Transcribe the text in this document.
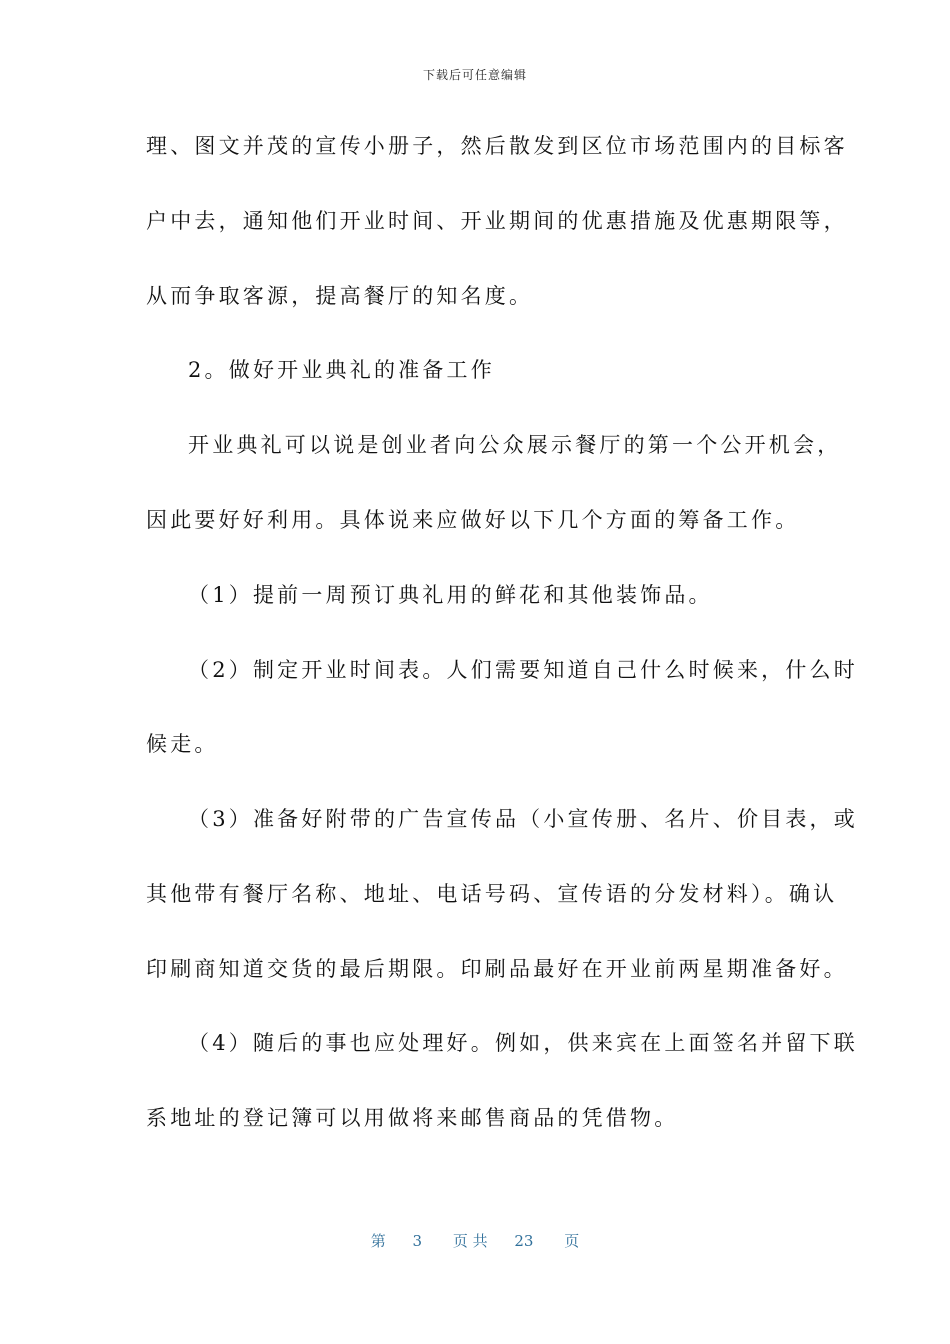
下载后可任意编辑
理、图文并茂的宣传小册子，然后散发到区位市场范围内的目标客
户中去，通知他们开业时间、开业期间的优惠措施及优惠期限等，
从而争取客源，提高餐厅的知名度。
2。做好开业典礼的准备工作
开业典礼可以说是创业者向公众展示餐厅的第一个公开机会，
因此要好好利用。具体说来应做好以下几个方面的筹备工作。
（1）提前一周预订典礼用的鲜花和其他装饰品。
（2）制定开业时间表。人们需要知道自己什么时候来，什么时
候走。
（3）准备好附带的广告宣传品（小宣传册、名片、价目表，或
其他带有餐厅名称、地址、电话号码、宣传语的分发材料）。确认
印刷商知道交货的最后期限。印刷品最好在开业前两星期准备好。
（4）随后的事也应处理好。例如，供来宾在上面签名并留下联
系地址的登记簿可以用做将来邮售商品的凭借物。
第 3 页 共 23 页
